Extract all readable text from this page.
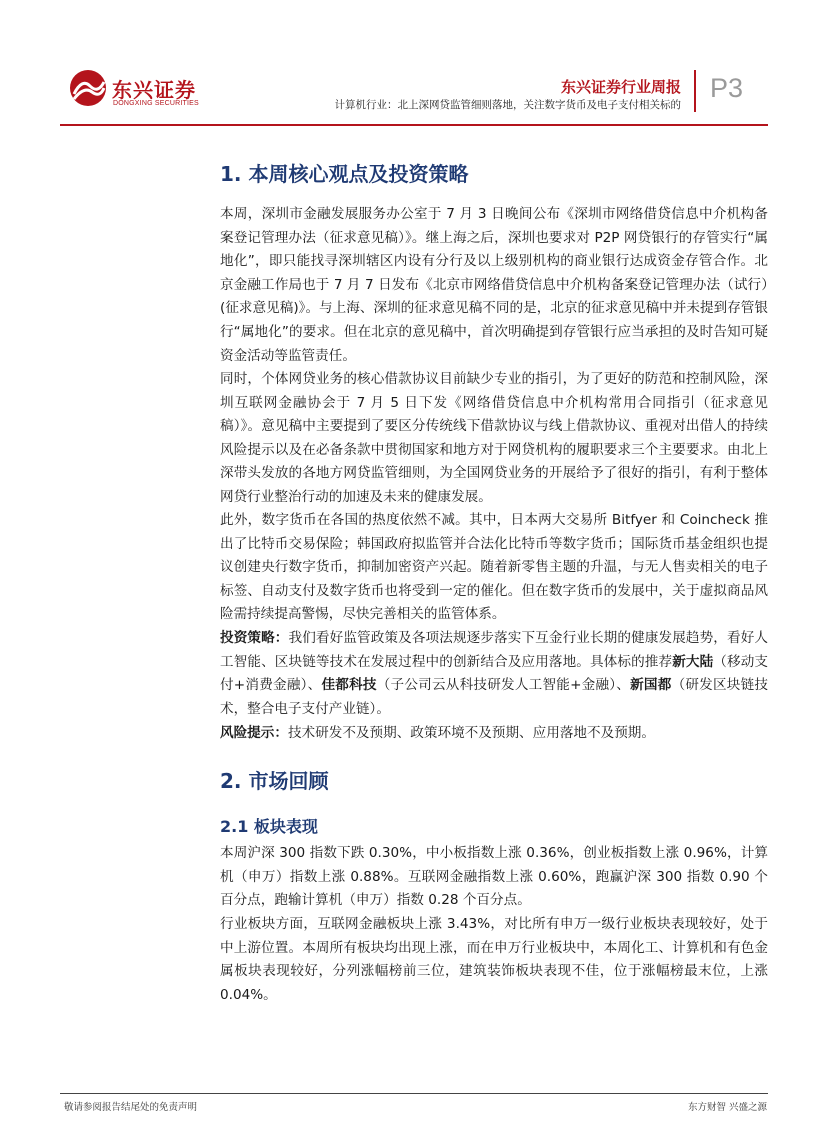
东兴证券
DONGXING SECURITIES
东兴证券行业周报
计算机行业：北上深网贷监管细则落地，关注数字货币及电子支付相关标的
P3
1. 本周核心观点及投资策略

本周，深圳市金融发展服务办公室于 7 月 3 日晚间公布《深圳市网络借贷信息中介机构备案登记管理办法（征求意见稿）》。继上海之后，深圳也要求对 P2P 网贷银行的存管实行“属地化”，即只能找寻深圳辖区内设有分行及以上级别机构的商业银行达成资金存管合作。北京金融工作局也于 7 月 7 日发布《北京市网络借贷信息中介机构备案登记管理办法（试行）(征求意见稿)》。与上海、深圳的征求意见稿不同的是，北京的征求意见稿中并未提到存管银行“属地化”的要求。但在北京的意见稿中，首次明确提到存管银行应当承担的及时告知可疑资金活动等监管责任。

同时，个体网贷业务的核心借款协议目前缺少专业的指引，为了更好的防范和控制风险，深圳互联网金融协会于 7 月 5 日下发《网络借贷信息中介机构常用合同指引（征求意见稿）》。意见稿中主要提到了要区分传统线下借款协议与线上借款协议、重视对出借人的持续风险提示以及在必备条款中贯彻国家和地方对于网贷机构的履职要求三个主要要求。由北上深带头发放的各地方网贷监管细则，为全国网贷业务的开展给予了很好的指引，有利于整体网贷行业整治行动的加速及未来的健康发展。

此外，数字货币在各国的热度依然不减。其中，日本两大交易所 Bitfyer 和 Coincheck 推出了比特币交易保险；韩国政府拟监管并合法化比特币等数字货币；国际货币基金组织也提议创建央行数字货币，抑制加密资产兴起。随着新零售主题的升温，与无人售卖相关的电子标签、自动支付及数字货币也将受到一定的催化。但在数字货币的发展中，关于虚拟商品风险需持续提高警惕，尽快完善相关的监管体系。

投资策略：我们看好监管政策及各项法规逐步落实下互金行业长期的健康发展趋势，看好人工智能、区块链等技术在发展过程中的创新结合及应用落地。具体标的推荐新大陆（移动支付+消费金融）、佳都科技（子公司云从科技研发人工智能+金融）、新国都（研发区块链技术，整合电子支付产业链）。

风险提示：技术研发不及预期、政策环境不及预期、应用落地不及预期。

2. 市场回顾
2.1 板块表现

本周沪深 300 指数下跌 0.30%，中小板指数上涨 0.36%，创业板指数上涨 0.96%，计算机（申万）指数上涨 0.88%。互联网金融指数上涨 0.60%，跑赢沪深 300 指数 0.90 个百分点，跑输计算机（申万）指数 0.28 个百分点。

行业板块方面，互联网金融板块上涨 3.43%，对比所有申万一级行业板块表现较好，处于中上游位置。本周所有板块均出现上涨，而在申万行业板块中，本周化工、计算机和有色金属板块表现较好，分列涨幅榜前三位，建筑装饰板块表现不佳，位于涨幅榜最末位，上涨 0.04%。

敬请参阅报告结尾处的免责声明	东方财智 兴盛之源
